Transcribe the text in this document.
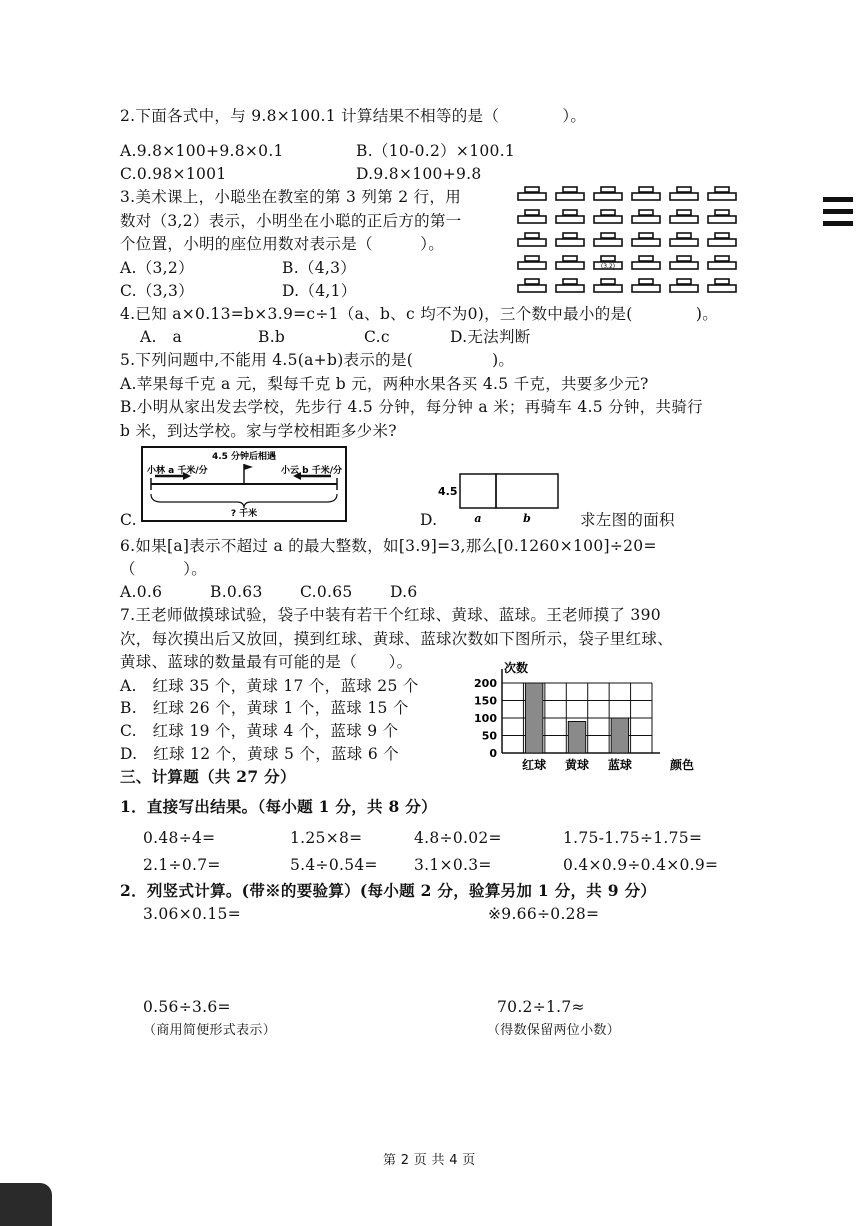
2.下面各式中，与 9.8×100.1 计算结果不相等的是（　　　　）。
A.9.8×100+9.8×0.1	B.（10-0.2）×100.1
C.0.98×1001	D.9.8×100+9.8
3.美术课上，小聪坐在教室的第 3 列第 2 行，用
数对（3,2）表示，小明坐在小聪的正后方的第一
个位置，小明的座位用数对表示是（　　　）。
A.（3,2）	B.（4,3）
C.（3,3）	D.（4,1）
(3,2)
4.已知 a×0.13=b×3.9=c÷1（a、b、c 均不为0)，三个数中最小的是(　　　　)。
A.　a	B.b	C.c	D.无法判断
5.下列问题中,不能用 4.5(a+b)表示的是(　　　　　)。
A.苹果每千克 a 元，梨每千克 b 元，两种水果各买 4.5 千克，共要多少元?
B.小明从家出发去学校，先步行 4.5 分钟，每分钟 a 米；再骑车 4.5 分钟，共骑行
b 米，到达学校。家与学校相距多少米?
4.5 分钟后相遇
小林 a 千米/分	小云 b 千米/分
? 千米
C.
4.5
a	b
D.	求左图的面积
6.如果[a]表示不超过 a 的最大整数，如[3.9]=3,那么[0.1260×100]÷20=
（　　　）。
A.0.6	B.0.63 C.0.65 D.6
7.王老师做摸球试验，袋子中装有若干个红球、黄球、蓝球。王老师摸了 390
次，每次摸出后又放回，摸到红球、黄球、蓝球次数如下图所示，袋子里红球、
黄球、蓝球的数量最有可能的是（　　）。
A.　红球 35 个，黄球 17 个，蓝球 25 个
B.　红球 26 个，黄球 1 个，蓝球 15 个
C.　红球 19 个，黄球 4 个，蓝球 9 个
D.　红球 12 个，黄球 5 个，蓝球 6 个	0
50
100
150
200
次数
颜色
红球 黄球 蓝球
三、计算题（共 27 分）
1．直接写出结果。（每小题 1 分，共 8 分）
0.48÷4=	1.25×8=	4.8÷0.02=	1.75-1.75÷1.75=
2.1÷0.7=	5.4÷0.54= 3.1×0.3=	0.4×0.9÷0.4×0.9=
2．列竖式计算。(带※的要验算）(每小题 2 分，验算另加 1 分，共 9 分）
3.06×0.15=	※9.66÷0.28=
0.56÷3.6=	70.2÷1.7≈
（商用简便形式表示）	（得数保留两位小数）
第 2 页 共 4 页
